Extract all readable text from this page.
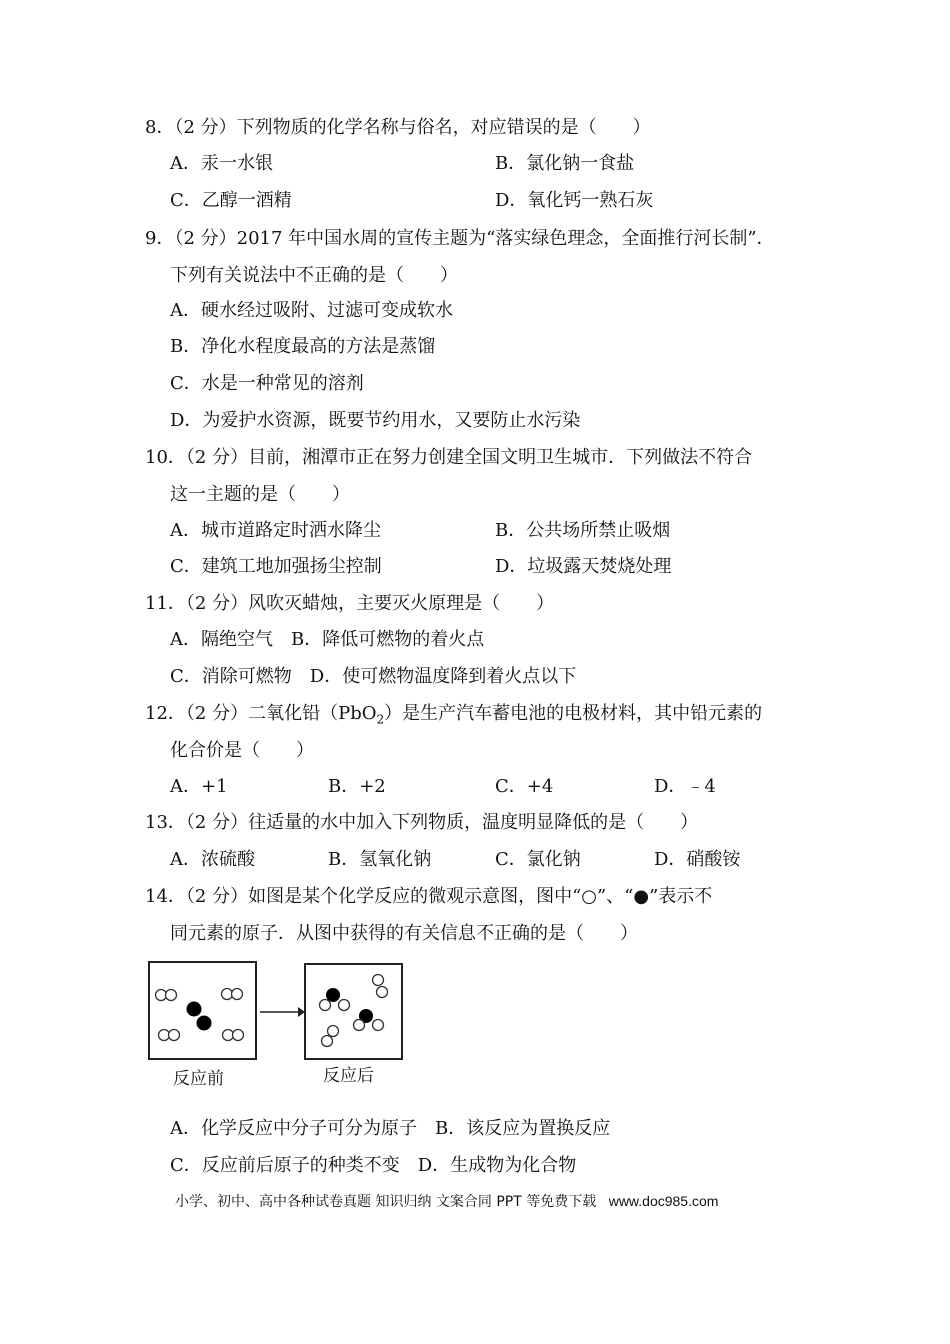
8．（2 分）下列物质的化学名称与俗名，对应错误的是（　　）
A．汞一水银	B．氯化钠一食盐
C．乙醇一酒精	D．氧化钙一熟石灰
9．（2 分）2017 年中国水周的宣传主题为“落实绿色理念，全面推行河长制”．
下列有关说法中不正确的是（　　）
A．硬水经过吸附、过滤可变成软水
B．净化水程度最高的方法是蒸馏
C．水是一种常见的溶剂
D．为爱护水资源，既要节约用水，又要防止水污染
10．（2 分）目前，湘潭市正在努力创建全国文明卫生城市．下列做法不符合
这一主题的是（　　）
A．城市道路定时洒水降尘	B．公共场所禁止吸烟
C．建筑工地加强扬尘控制	D．垃圾露天焚烧处理
11．（2 分）风吹灭蜡烛，主要灭火原理是（　　）
A．隔绝空气　B．降低可燃物的着火点
C．消除可燃物　D．使可燃物温度降到着火点以下
12．（2 分）二氧化铅（PbO$_2$）是生产汽车蓄电池的电极材料，其中铅元素的
化合价是（　　）
A．+1	B．+2	C．+4	D．﹣4
13．（2 分）往适量的水中加入下列物质，温度明显降低的是（　　）
A．浓硫酸	B．氢氧化钠	C．氯化钠	D．硝酸铵
14．（2 分）如图是某个化学反应的微观示意图，图中“○”、“●”表示不
同元素的原子．从图中获得的有关信息不正确的是（　　）
反应前	反应后
A．化学反应中分子可分为原子　B．该反应为置换反应
C．反应前后原子的种类不变　D．生成物为化合物
小学、初中、高中各种试卷真题 知识归纳 文案合同 PPT 等免费下载 www.doc985.com
